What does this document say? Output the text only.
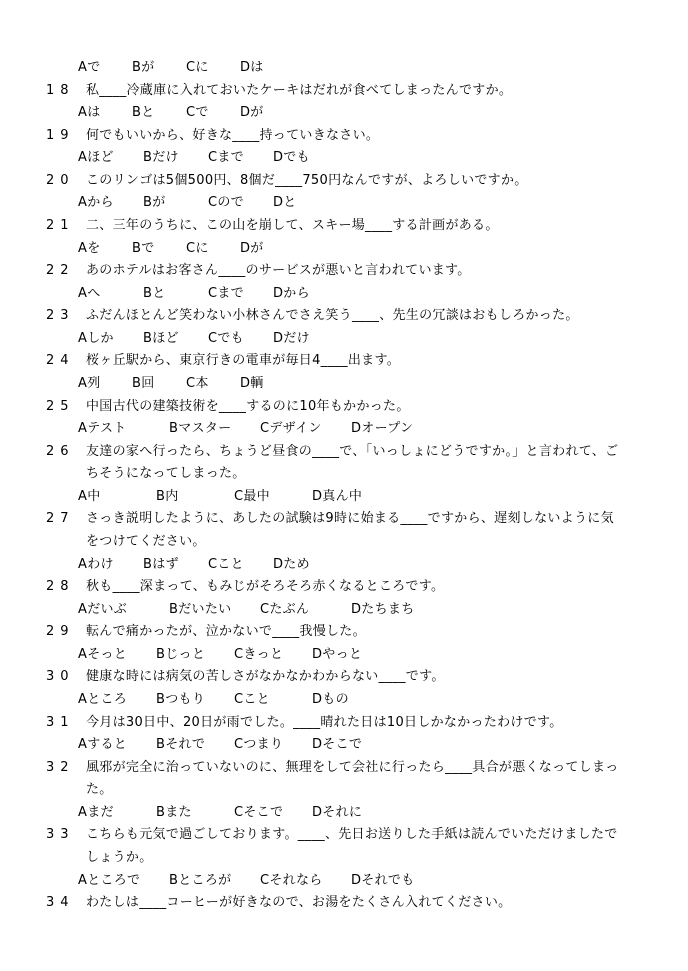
Aで Bが Cに Dは
18 私____冷蔵庫に入れておいたケーキはだれが食べてしまったんですか。
Aは Bと Cで Dが
19 何でもいいから、好きな____持っていきなさい。
Aほど Bだけ Cまで Dでも
20 このリンゴは5個500円、8個だ____750円なんですが、よろしいですか。
Aから Bが	Cので Dと
21 二、三年のうちに、この山を崩して、スキー場____する計画がある。
Aを Bで Cに Dが
22 あのホテルはお客さん____のサービスが悪いと言われています。
Aへ	Bと	Cまで Dから
23 ふだんほとんど笑わない小林さんでさえ笑う____、先生の冗談はおもしろかった。
Aしか Bほど Cでも Dだけ
24 桜ヶ丘駅から、東京行きの電車が毎日4____出ます。
A列 B回 C本 D輌
25 中国古代の建築技術を____するのに10年もかかった。
Aテスト	Bマスター Cデザイン Dオープン
26 友達の家へ行ったら、ちょうど昼食の____で、「いっしょにどうですか。」と言われて、ご
ちそうになってしまった。
A中	B内	C最中	D真ん中
27 さっき説明したように、あしたの試験は9時に始まる____ですから、遅刻しないように気
をつけてください。
Aわけ Bはず Cこと Dため
28 秋も____深まって、もみじがそろそろ赤くなるところです。
Aだいぶ	Bだいたい Cたぶん	Dたちまち
29 転んで痛かったが、泣かないで____我慢した。
Aそっと Bじっと Cきっと Dやっと
30 健康な時には病気の苦しさがなかなかわからない____です。
Aところ Bつもり Cこと	Dもの
31 今月は30日中、20日が雨でした。____晴れた日は10日しかなかったわけです。
Aすると Bそれで Cつまり Dそこで
32 風邪が完全に治っていないのに、無理をして会社に行ったら____具合が悪くなってしまっ
た。
Aまだ	Bまた	Cそこで Dそれに
33 こちらも元気で過ごしております。____、先日お送りした手紙は読んでいただけましたで
しょうか。
Aところで Bところが Cそれなら Dそれでも
34 わたしは____コーヒーが好きなので、お湯をたくさん入れてください。
